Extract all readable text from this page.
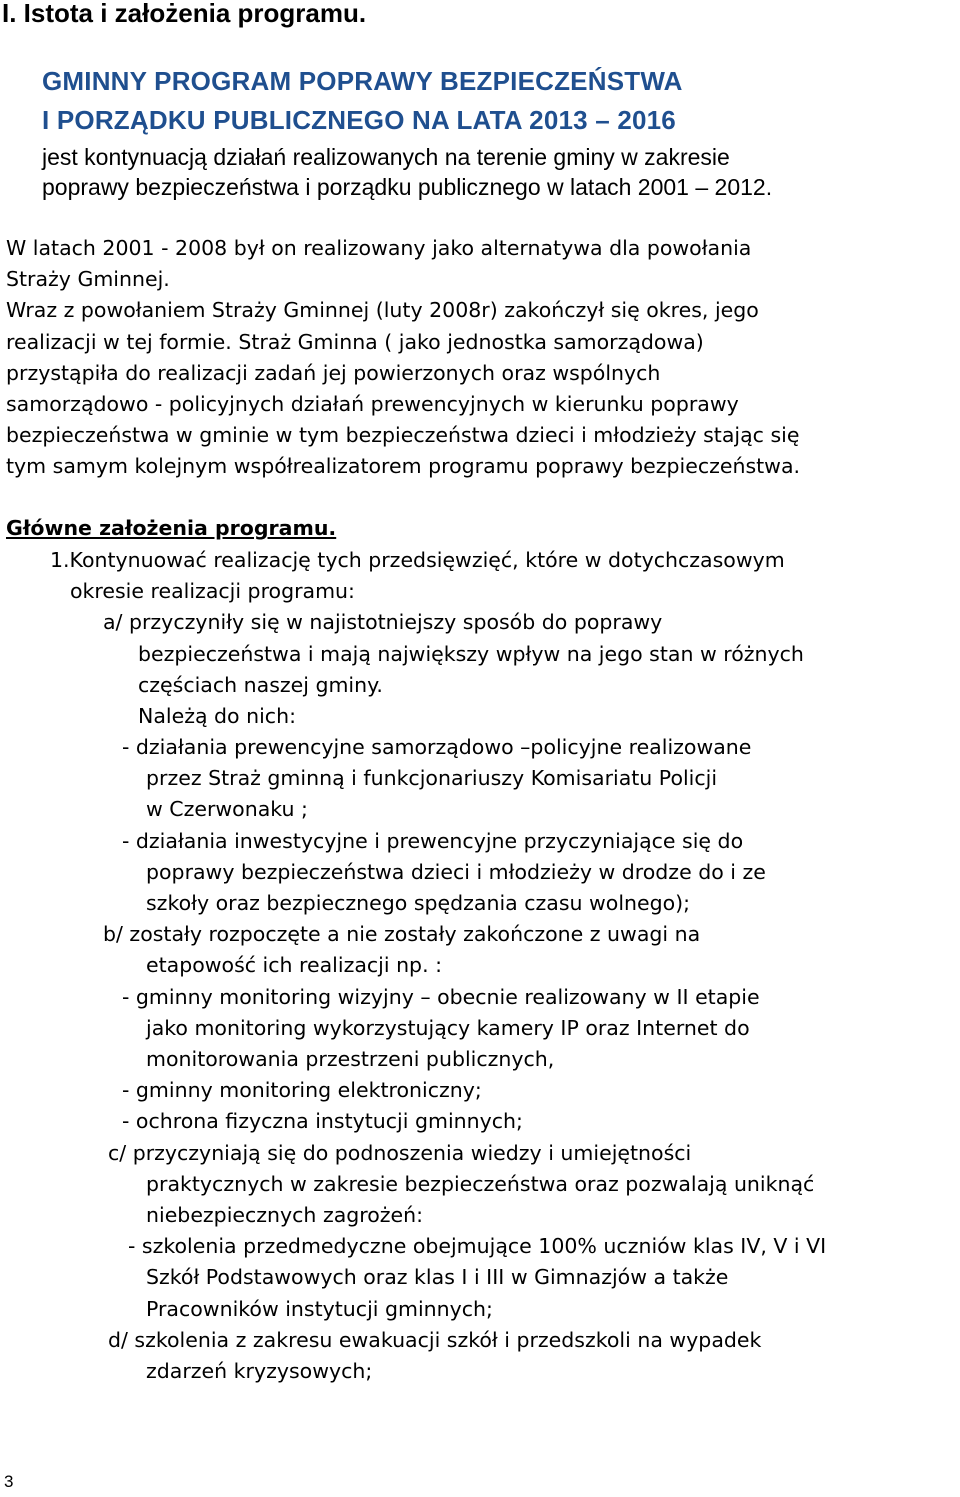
I. Istota i założenia programu.
GMINNY PROGRAM POPRAWY BEZPIECZEŃSTWA
I PORZĄDKU PUBLICZNEGO NA LATA 2013 – 2016
jest kontynuacją działań realizowanych na terenie gminy w zakresie
poprawy bezpieczeństwa i porządku publicznego w latach 2001 – 2012.
W latach 2001 - 2008 był on realizowany jako alternatywa dla powołania
Straży Gminnej.
Wraz z powołaniem Straży Gminnej (luty 2008r) zakończył się okres, jego
realizacji w tej formie. Straż Gminna ( jako jednostka samorządowa)
przystąpiła do realizacji zadań jej powierzonych oraz wspólnych
samorządowo - policyjnych działań prewencyjnych w kierunku poprawy
bezpieczeństwa w gminie w tym bezpieczeństwa dzieci i młodzieży stając się
tym samym kolejnym współrealizatorem programu poprawy bezpieczeństwa.
Główne założenia programu.
1.Kontynuować realizację tych przedsięwzięć, które w dotychczasowym
okresie realizacji programu:
a/ przyczyniły się w najistotniejszy sposób do poprawy
bezpieczeństwa i mają największy wpływ na jego stan w różnych
częściach naszej gminy.
Należą do nich:
- działania prewencyjne samorządowo –policyjne realizowane
przez Straż gminną i funkcjonariuszy Komisariatu Policji
w Czerwonaku ;
- działania inwestycyjne i prewencyjne przyczyniające się do
poprawy bezpieczeństwa dzieci i młodzieży w drodze do i ze
szkoły oraz bezpiecznego spędzania czasu wolnego);
b/ zostały rozpoczęte a nie zostały zakończone z uwagi na
etapowość ich realizacji np. :
- gminny monitoring wizyjny – obecnie realizowany w II etapie
jako monitoring wykorzystujący kamery IP oraz Internet do
monitorowania przestrzeni publicznych,
- gminny monitoring elektroniczny;
- ochrona fizyczna instytucji gminnych;
c/ przyczyniają się do podnoszenia wiedzy i umiejętności
praktycznych w zakresie bezpieczeństwa oraz pozwalają uniknąć
niebezpiecznych zagrożeń:
- szkolenia przedmedyczne obejmujące 100% uczniów klas IV, V i VI
Szkół Podstawowych oraz klas I i III w Gimnazjów a także
Pracowników instytucji gminnych;
d/ szkolenia z zakresu ewakuacji szkół i przedszkoli na wypadek
zdarzeń kryzysowych;
3
